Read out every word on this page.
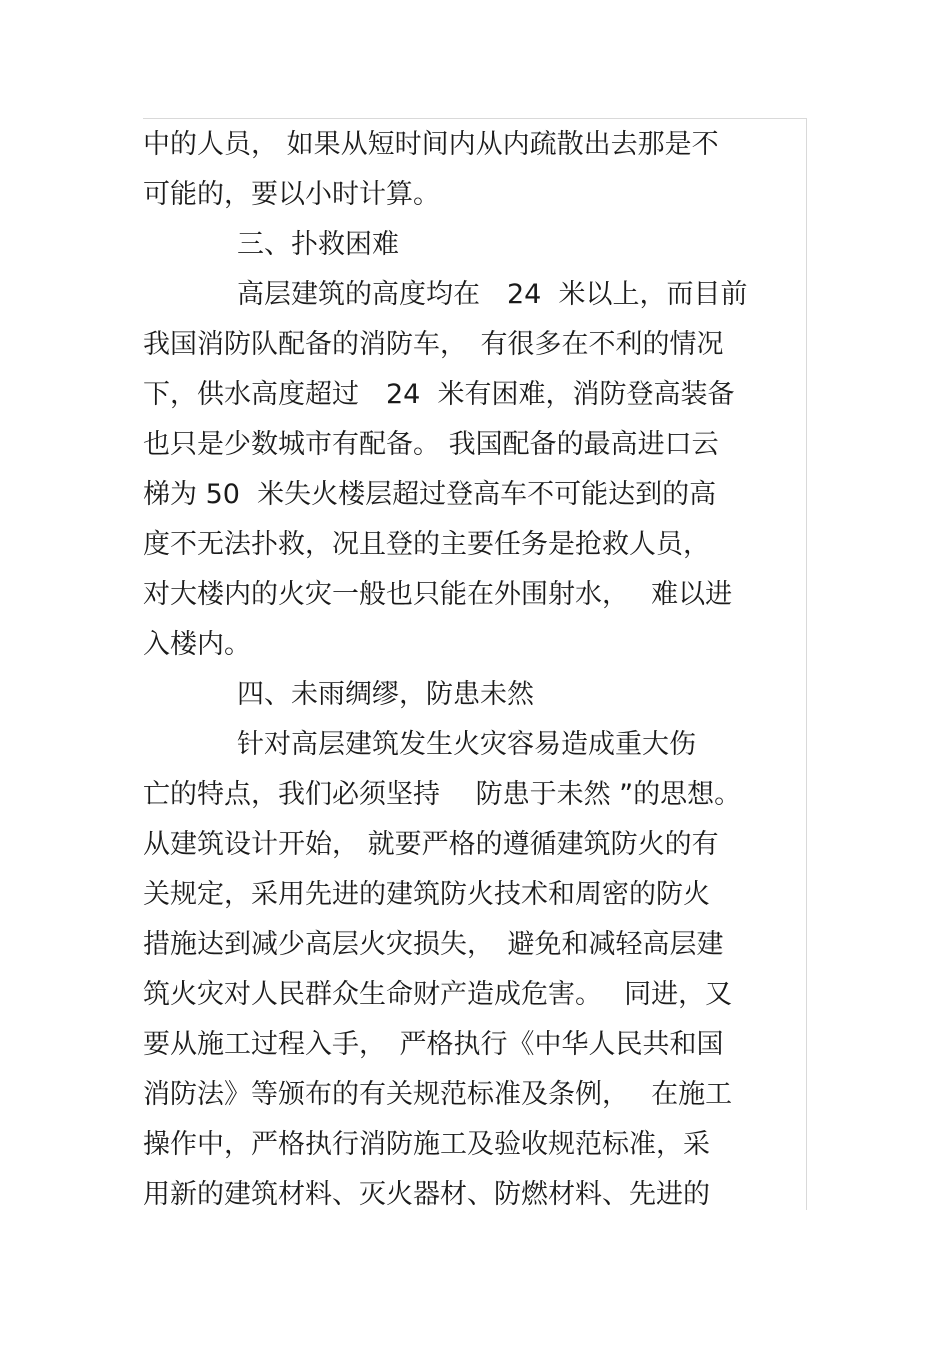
中的人员， 如果从短时间内从内疏散出去那是不
可能的，要以小时计算。
三、扑救困难
高层建筑的高度均在　24  米以上，而目前
我国消防队配备的消防车，　有很多在不利的情况
下，供水高度超过　24  米有困难，消防登高装备
也只是少数城市有配备。 我国配备的最高进口云
梯为 50  米失火楼层超过登高车不可能达到的高
度不无法扑救，况且登的主要任务是抢救人员，
对大楼内的火灾一般也只能在外围射水，　 难以进
入楼内。
四、未雨绸缪，防患未然
针对高层建筑发生火灾容易造成重大伤
亡的特点，我们必须坚持　 防患于未然 ”的思想。
从建筑设计开始， 就要严格的遵循建筑防火的有
关规定，采用先进的建筑防火技术和周密的防火
措施达到减少高层火灾损失，　避免和减轻高层建
筑火灾对人民群众生命财产造成危害。　 同进，又
要从施工过程入手，　严格执行《中华人民共和国
消防法》等颁布的有关规范标准及条例，　 在施工
操作中，严格执行消防施工及验收规范标准，采
用新的建筑材料、灭火器材、防燃材料、先进的
